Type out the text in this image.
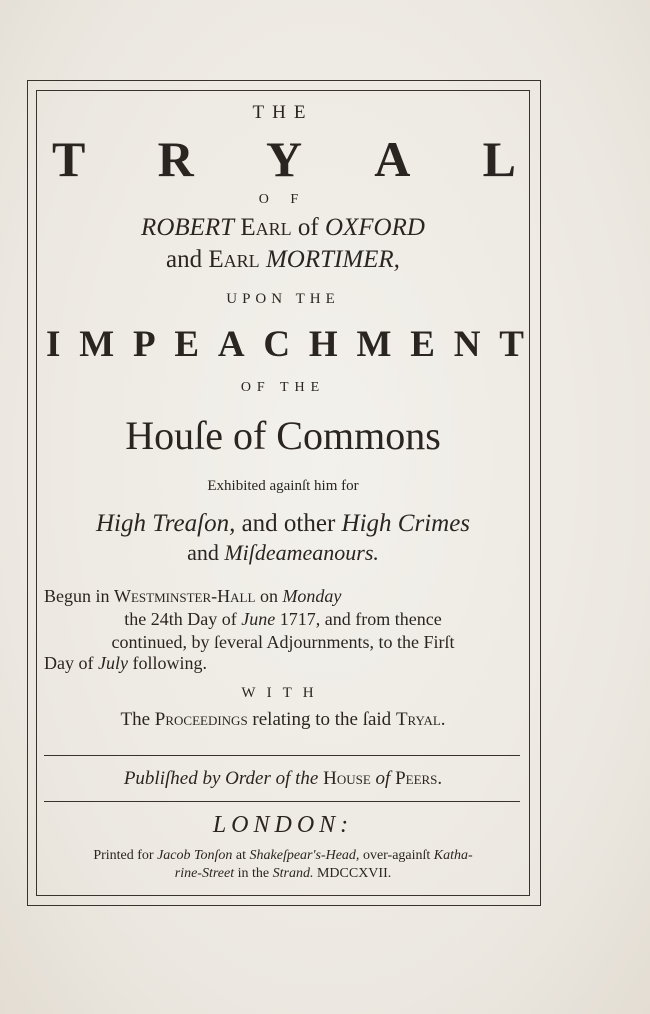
THE
T R Y A L
O F
ROBERT Earl of OXFORD
and Earl MORTIMER,
UPON THE
I M P E A C H M E N T
OF THE
Houſe of Commons
Exhibited againſt him for
High Treaſon, and other High Crimes
and Miſdeameanours.
Begun in Westminster-Hall on Monday
the 24th Day of June 1717, and from thence
continued, by ſeveral Adjournments, to the Firſt
Day of July following.
WITH
The Proceedings relating to the ſaid Tryal.
Publiſhed by Order of the House of Peers.
LONDON:
Printed for Jacob Tonſon at Shakeſpear's-Head, over-againſt Katha-
rine-Street in the Strand. MDCCXVII.
